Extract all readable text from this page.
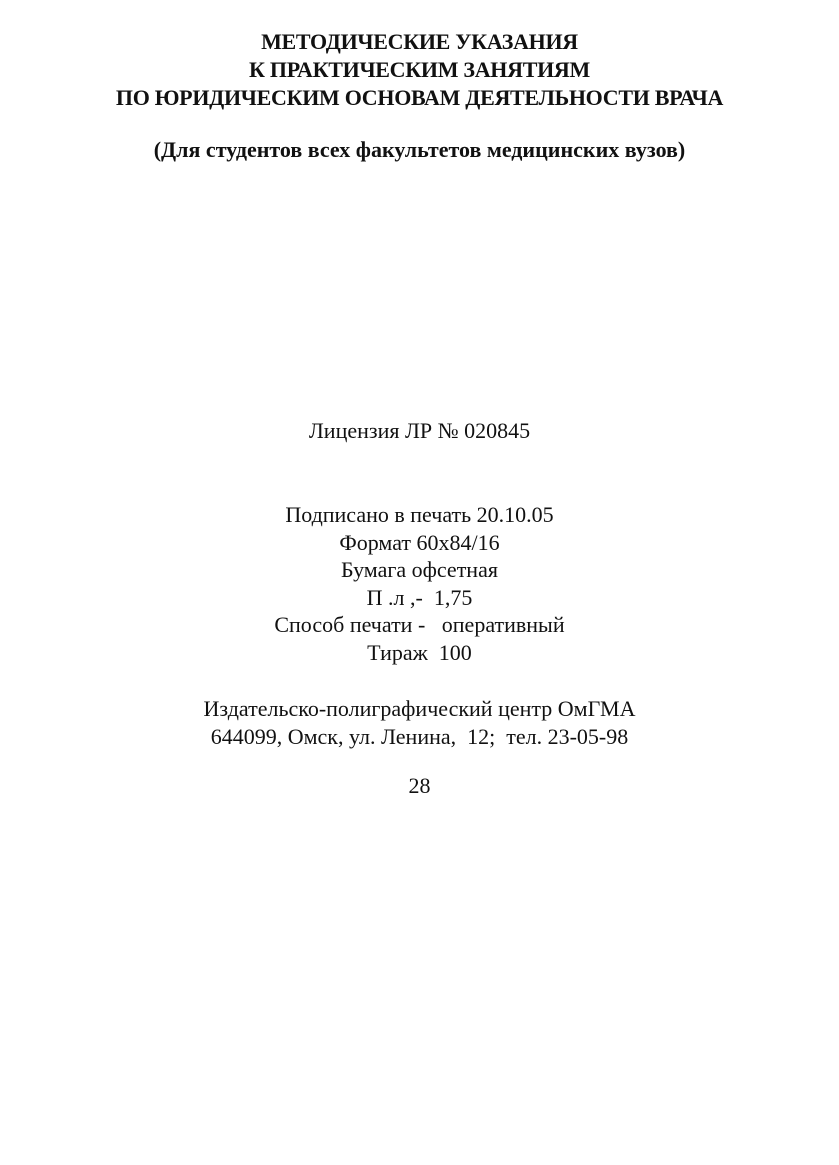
МЕТОДИЧЕСКИЕ УКАЗАНИЯ
К ПРАКТИЧЕСКИМ ЗАНЯТИЯМ
ПО ЮРИДИЧЕСКИМ ОСНОВАМ ДЕЯТЕЛЬНОСТИ ВРАЧА
(Для студентов всех факультетов медицинских вузов)
Лицензия ЛР № 020845
Подписано в печать 20.10.05
Формат 60х84/16
Бумага офсетная
П .л ,-  1,75
Способ печати -   оперативный
Тираж  100
Издательско-полиграфический центр ОмГМА
644099, Омск, ул. Ленина,  12;  тел. 23-05-98
28
